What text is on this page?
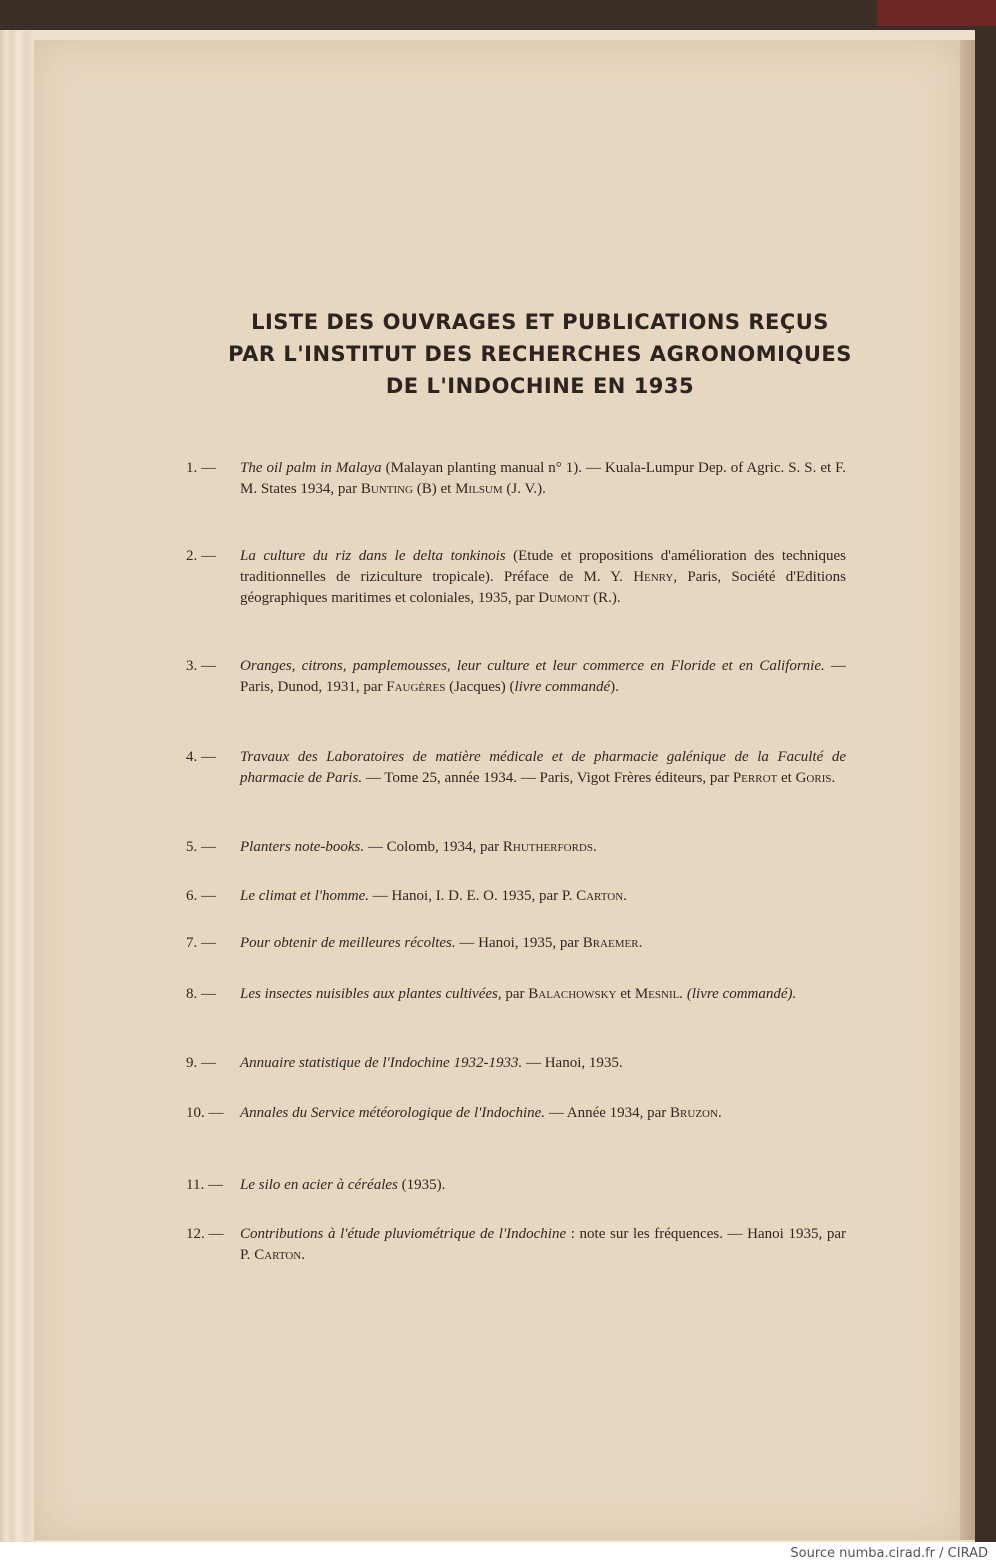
LISTE DES OUVRAGES ET PUBLICATIONS REÇUS
PAR L'INSTITUT DES RECHERCHES AGRONOMIQUES
DE L'INDOCHINE EN 1935
1. —	The oil palm in Malaya (Malayan planting manual n° 1). — Kuala-Lumpur Dep. of Agric. S. S. et F. M. States 1934, par Bunting (B) et Milsum (J. V.).
2. —	La culture du riz dans le delta tonkinois (Etude et propositions d'amélioration des techniques traditionnelles de riziculture tropicale). Préface de M. Y. Henry, Paris, Société d'Editions géographiques maritimes et coloniales, 1935, par Dumont (R.).
3. —	Oranges, citrons, pamplemousses, leur culture et leur commerce en Floride et en Californie. — Paris, Dunod, 1931, par Faugères (Jacques) (livre commandé).
4. —	Travaux des Laboratoires de matière médicale et de pharmacie galénique de la Faculté de pharmacie de Paris. — Tome 25, année 1934. — Paris, Vigot Frères éditeurs, par Perrot et Goris.
5. —	Planters note-books. — Colomb, 1934, par Rhutherfords.
6. —	Le climat et l'homme. — Hanoi, I. D. E. O. 1935, par P. Carton.
7. —	Pour obtenir de meilleures récoltes. — Hanoi, 1935, par Braemer.
8. —	Les insectes nuisibles aux plantes cultivées, par Balachowsky et Mesnil. (livre commandé).
9. —	Annuaire statistique de l'Indochine 1932-1933. — Hanoi, 1935.
10. —	Annales du Service météorologique de l'Indochine. — Année 1934, par Bruzon.
11. —	Le silo en acier à céréales (1935).
12. —	Contributions à l'étude pluviométrique de l'Indochine : note sur les fréquences. — Hanoi 1935, par P. Carton.
Source numba.cirad.fr / CIRAD
